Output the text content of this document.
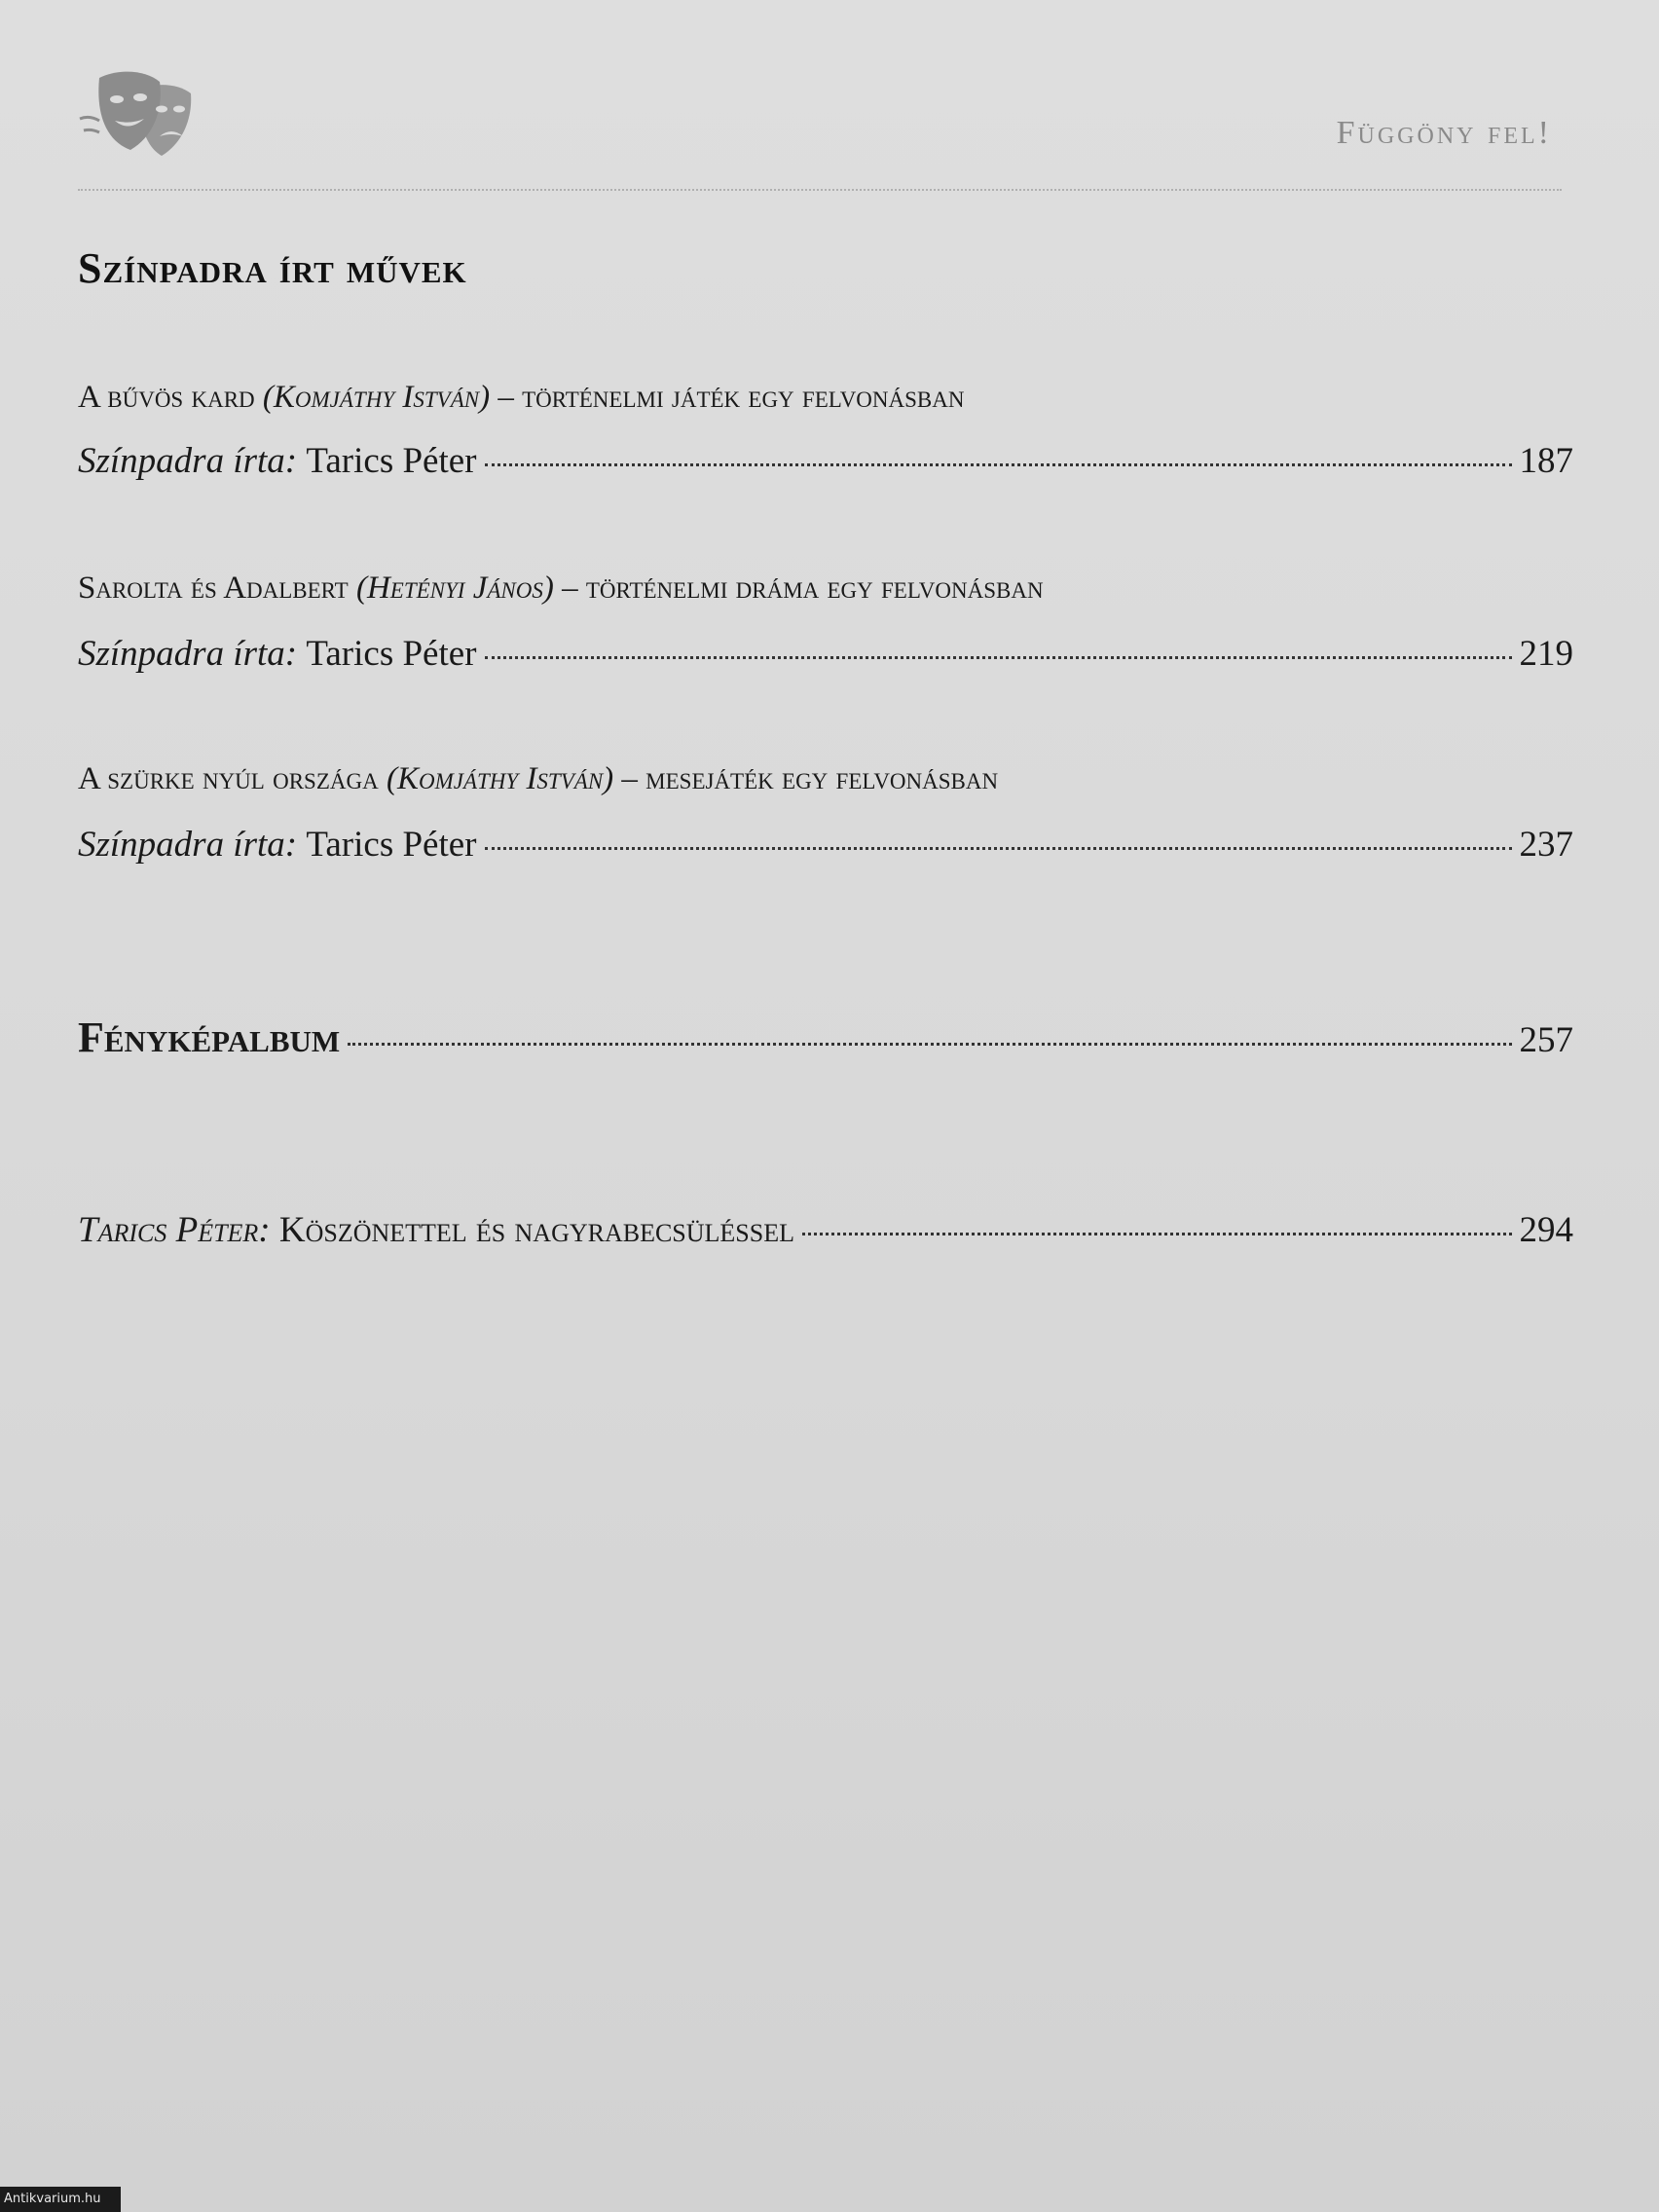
Függöny fel!
Színpadra írt művek
A bűvös kard (Komjáthy István) – történelmi játék egy felvonásban
Színpadra írta:
Tarics Péter	187
Sarolta és Adalbert (Hetényi János) – történelmi dráma egy felvonásban
Színpadra írta:
Tarics Péter	219
A szürke nyúl országa (Komjáthy István) – mesejáték egy felvonásban
Színpadra írta:
Tarics Péter	237
Fényképalbum	257
Tarics Péter:
Köszönettel és nagyrabecsüléssel	294
Antikvarium.hu
